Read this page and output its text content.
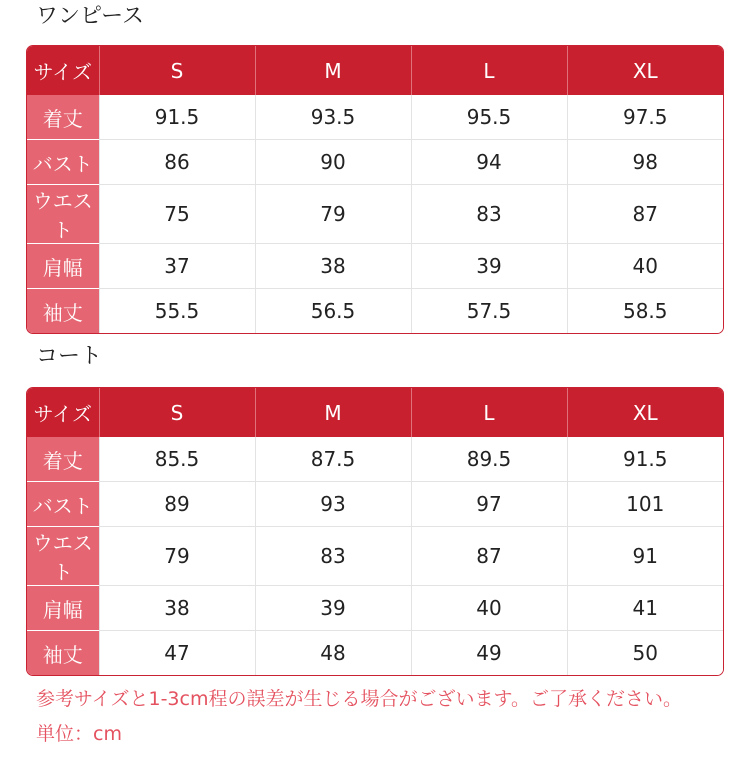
ワンピース
サイズ	S	M	L	XL
着丈	91.5	93.5	95.5	97.5
バスト	86	90	94	98
ウエスト	75	79	83	87
肩幅	37	38	39	40
袖丈	55.5	56.5	57.5	58.5
コート
サイズ	S	M	L	XL
着丈	85.5	87.5	89.5	91.5
バスト	89	93	97	101
ウエスト	79	83	87	91
肩幅	38	39	40	41
袖丈	47	48	49	50
参考サイズと1-3cm程の誤差が生じる場合がございます。ご了承ください。
単位：cm
